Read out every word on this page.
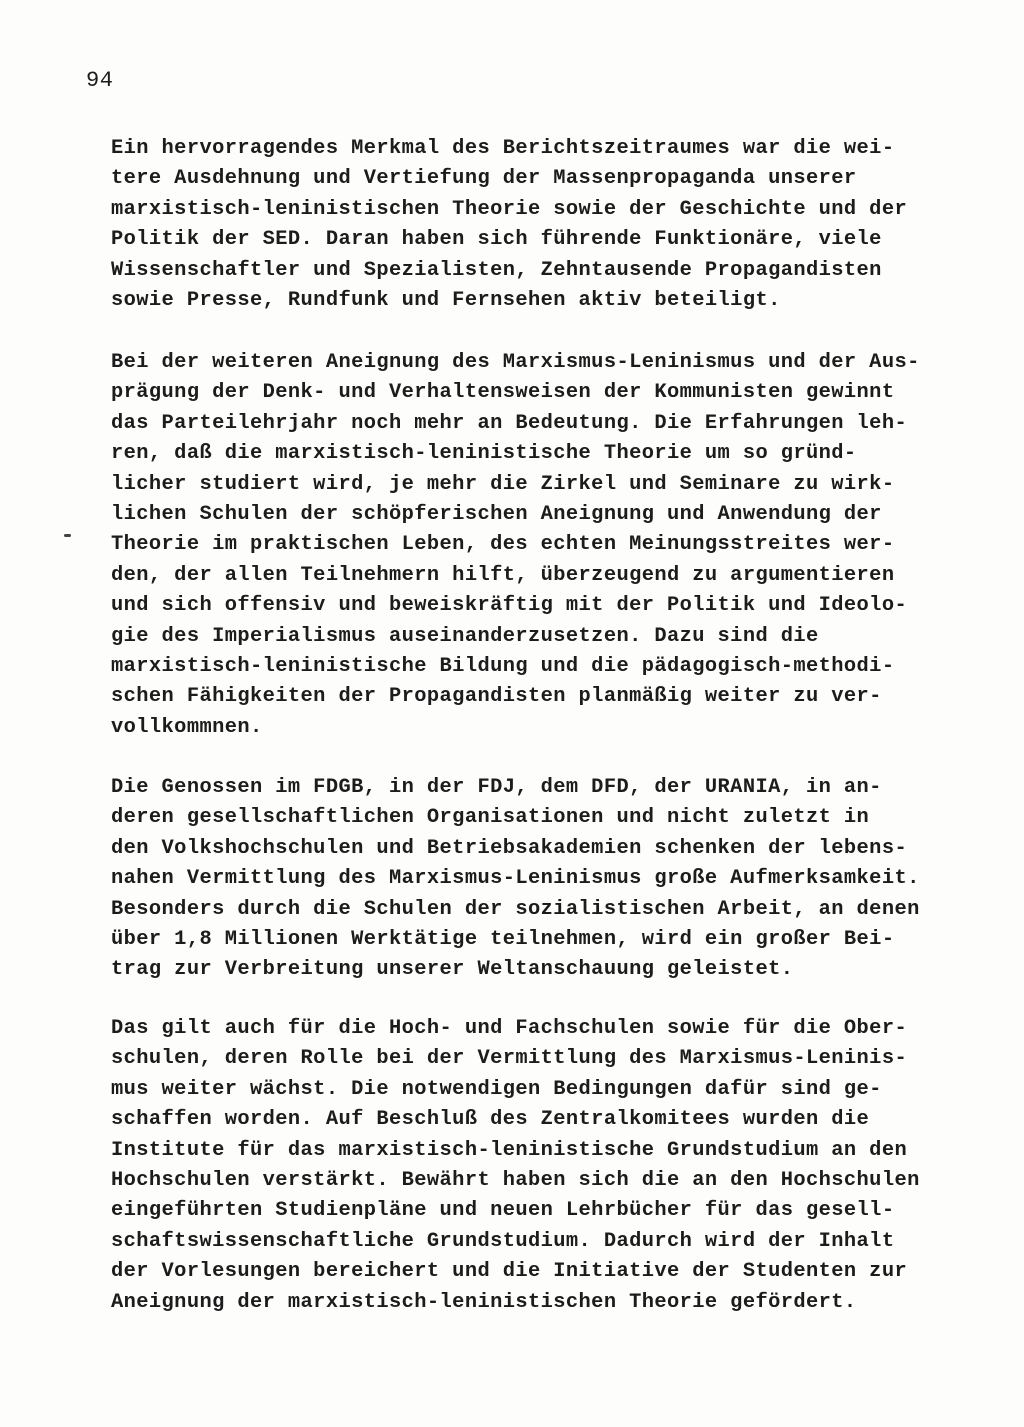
94
Ein hervorragendes Merkmal des Berichtszeitraumes war die wei-
tere Ausdehnung und Vertiefung der Massenpropaganda unserer
marxistisch-leninistischen Theorie sowie der Geschichte und der
Politik der SED. Daran haben sich führende Funktionäre, viele
Wissenschaftler und Spezialisten, Zehntausende Propagandisten
sowie Presse, Rundfunk und Fernsehen aktiv beteiligt.
Bei der weiteren Aneignung des Marxismus-Leninismus und der Aus-
prägung der Denk- und Verhaltensweisen der Kommunisten gewinnt
das Parteilehrjahr noch mehr an Bedeutung. Die Erfahrungen leh-
ren, daß die marxistisch-leninistische Theorie um so gründ-
licher studiert wird, je mehr die Zirkel und Seminare zu wirk-
lichen Schulen der schöpferischen Aneignung und Anwendung der
Theorie im praktischen Leben, des echten Meinungsstreites wer-
den, der allen Teilnehmern hilft, überzeugend zu argumentieren
und sich offensiv und beweiskräftig mit der Politik und Ideolo-
gie des Imperialismus auseinanderzusetzen. Dazu sind die
marxistisch-leninistische Bildung und die pädagogisch-methodi-
schen Fähigkeiten der Propagandisten planmäßig weiter zu ver-
vollkommnen.
Die Genossen im FDGB, in der FDJ, dem DFD, der URANIA, in an-
deren gesellschaftlichen Organisationen und nicht zuletzt in
den Volkshochschulen und Betriebsakademien schenken der lebens-
nahen Vermittlung des Marxismus-Leninismus große Aufmerksamkeit.
Besonders durch die Schulen der sozialistischen Arbeit, an denen
über 1,8 Millionen Werktätige teilnehmen, wird ein großer Bei-
trag zur Verbreitung unserer Weltanschauung geleistet.
Das gilt auch für die Hoch- und Fachschulen sowie für die Ober-
schulen, deren Rolle bei der Vermittlung des Marxismus-Leninis-
mus weiter wächst. Die notwendigen Bedingungen dafür sind ge-
schaffen worden. Auf Beschluß des Zentralkomitees wurden die
Institute für das marxistisch-leninistische Grundstudium an den
Hochschulen verstärkt. Bewährt haben sich die an den Hochschulen
eingeführten Studienpläne und neuen Lehrbücher für das gesell-
schaftswissenschaftliche Grundstudium. Dadurch wird der Inhalt
der Vorlesungen bereichert und die Initiative der Studenten zur
Aneignung der marxistisch-leninistischen Theorie gefördert.
